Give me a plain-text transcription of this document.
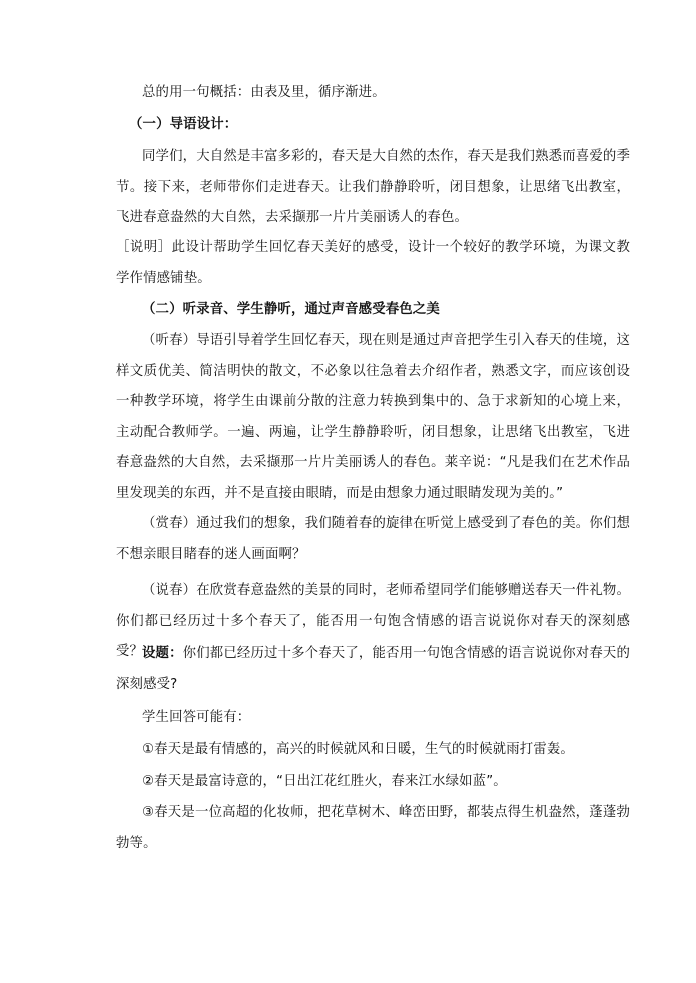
总的用一句概括：由表及里，循序渐进。

（一）导语设计：

同学们，大自然是丰富多彩的，春天是大自然的杰作，春天是我们熟悉而喜爱的季节。接下来，老师带你们走进春天。让我们静静聆听，闭目想象，让思绪飞出教室，飞进春意盎然的大自然，去采撷那一片片美丽诱人的春色。

［说明］此设计帮助学生回忆春天美好的感受，设计一个较好的教学环境，为课文教学作情感铺垫。

（二）听录音、学生静听，通过声音感受春色之美

（听春）导语引导着学生回忆春天，现在则是通过声音把学生引入春天的佳境，这样文质优美、简洁明快的散文，不必象以往急着去介绍作者，熟悉文字，而应该创设一种教学环境，将学生由课前分散的注意力转换到集中的、急于求新知的心境上来，主动配合教师学。一遍、两遍，让学生静静聆听，闭目想象，让思绪飞出教室，飞进春意盎然的大自然，去采撷那一片片美丽诱人的春色。莱辛说：“凡是我们在艺术作品里发现美的东西，并不是直接由眼睛，而是由想象力通过眼睛发现为美的。”

（赏春）通过我们的想象，我们随着春的旋律在听觉上感受到了春色的美。你们想不想亲眼目睹春的迷人画面啊？

（说春）在欣赏春意盎然的美景的同时，老师希望同学们能够赠送春天一件礼物。你们都已经历过十多个春天了，能否用一句饱含情感的语言说说你对春天的深刻感受？

设题：你们都已经历过十多个春天了，能否用一句饱含情感的语言说说你对春天的深刻感受?

学生回答可能有：

①春天是最有情感的，高兴的时候就风和日暖，生气的时候就雨打雷轰。

②春天是最富诗意的，“日出江花红胜火，春来江水绿如蓝”。

③春天是一位高超的化妆师，把花草树木、峰峦田野，都装点得生机盎然，蓬蓬勃勃等。
